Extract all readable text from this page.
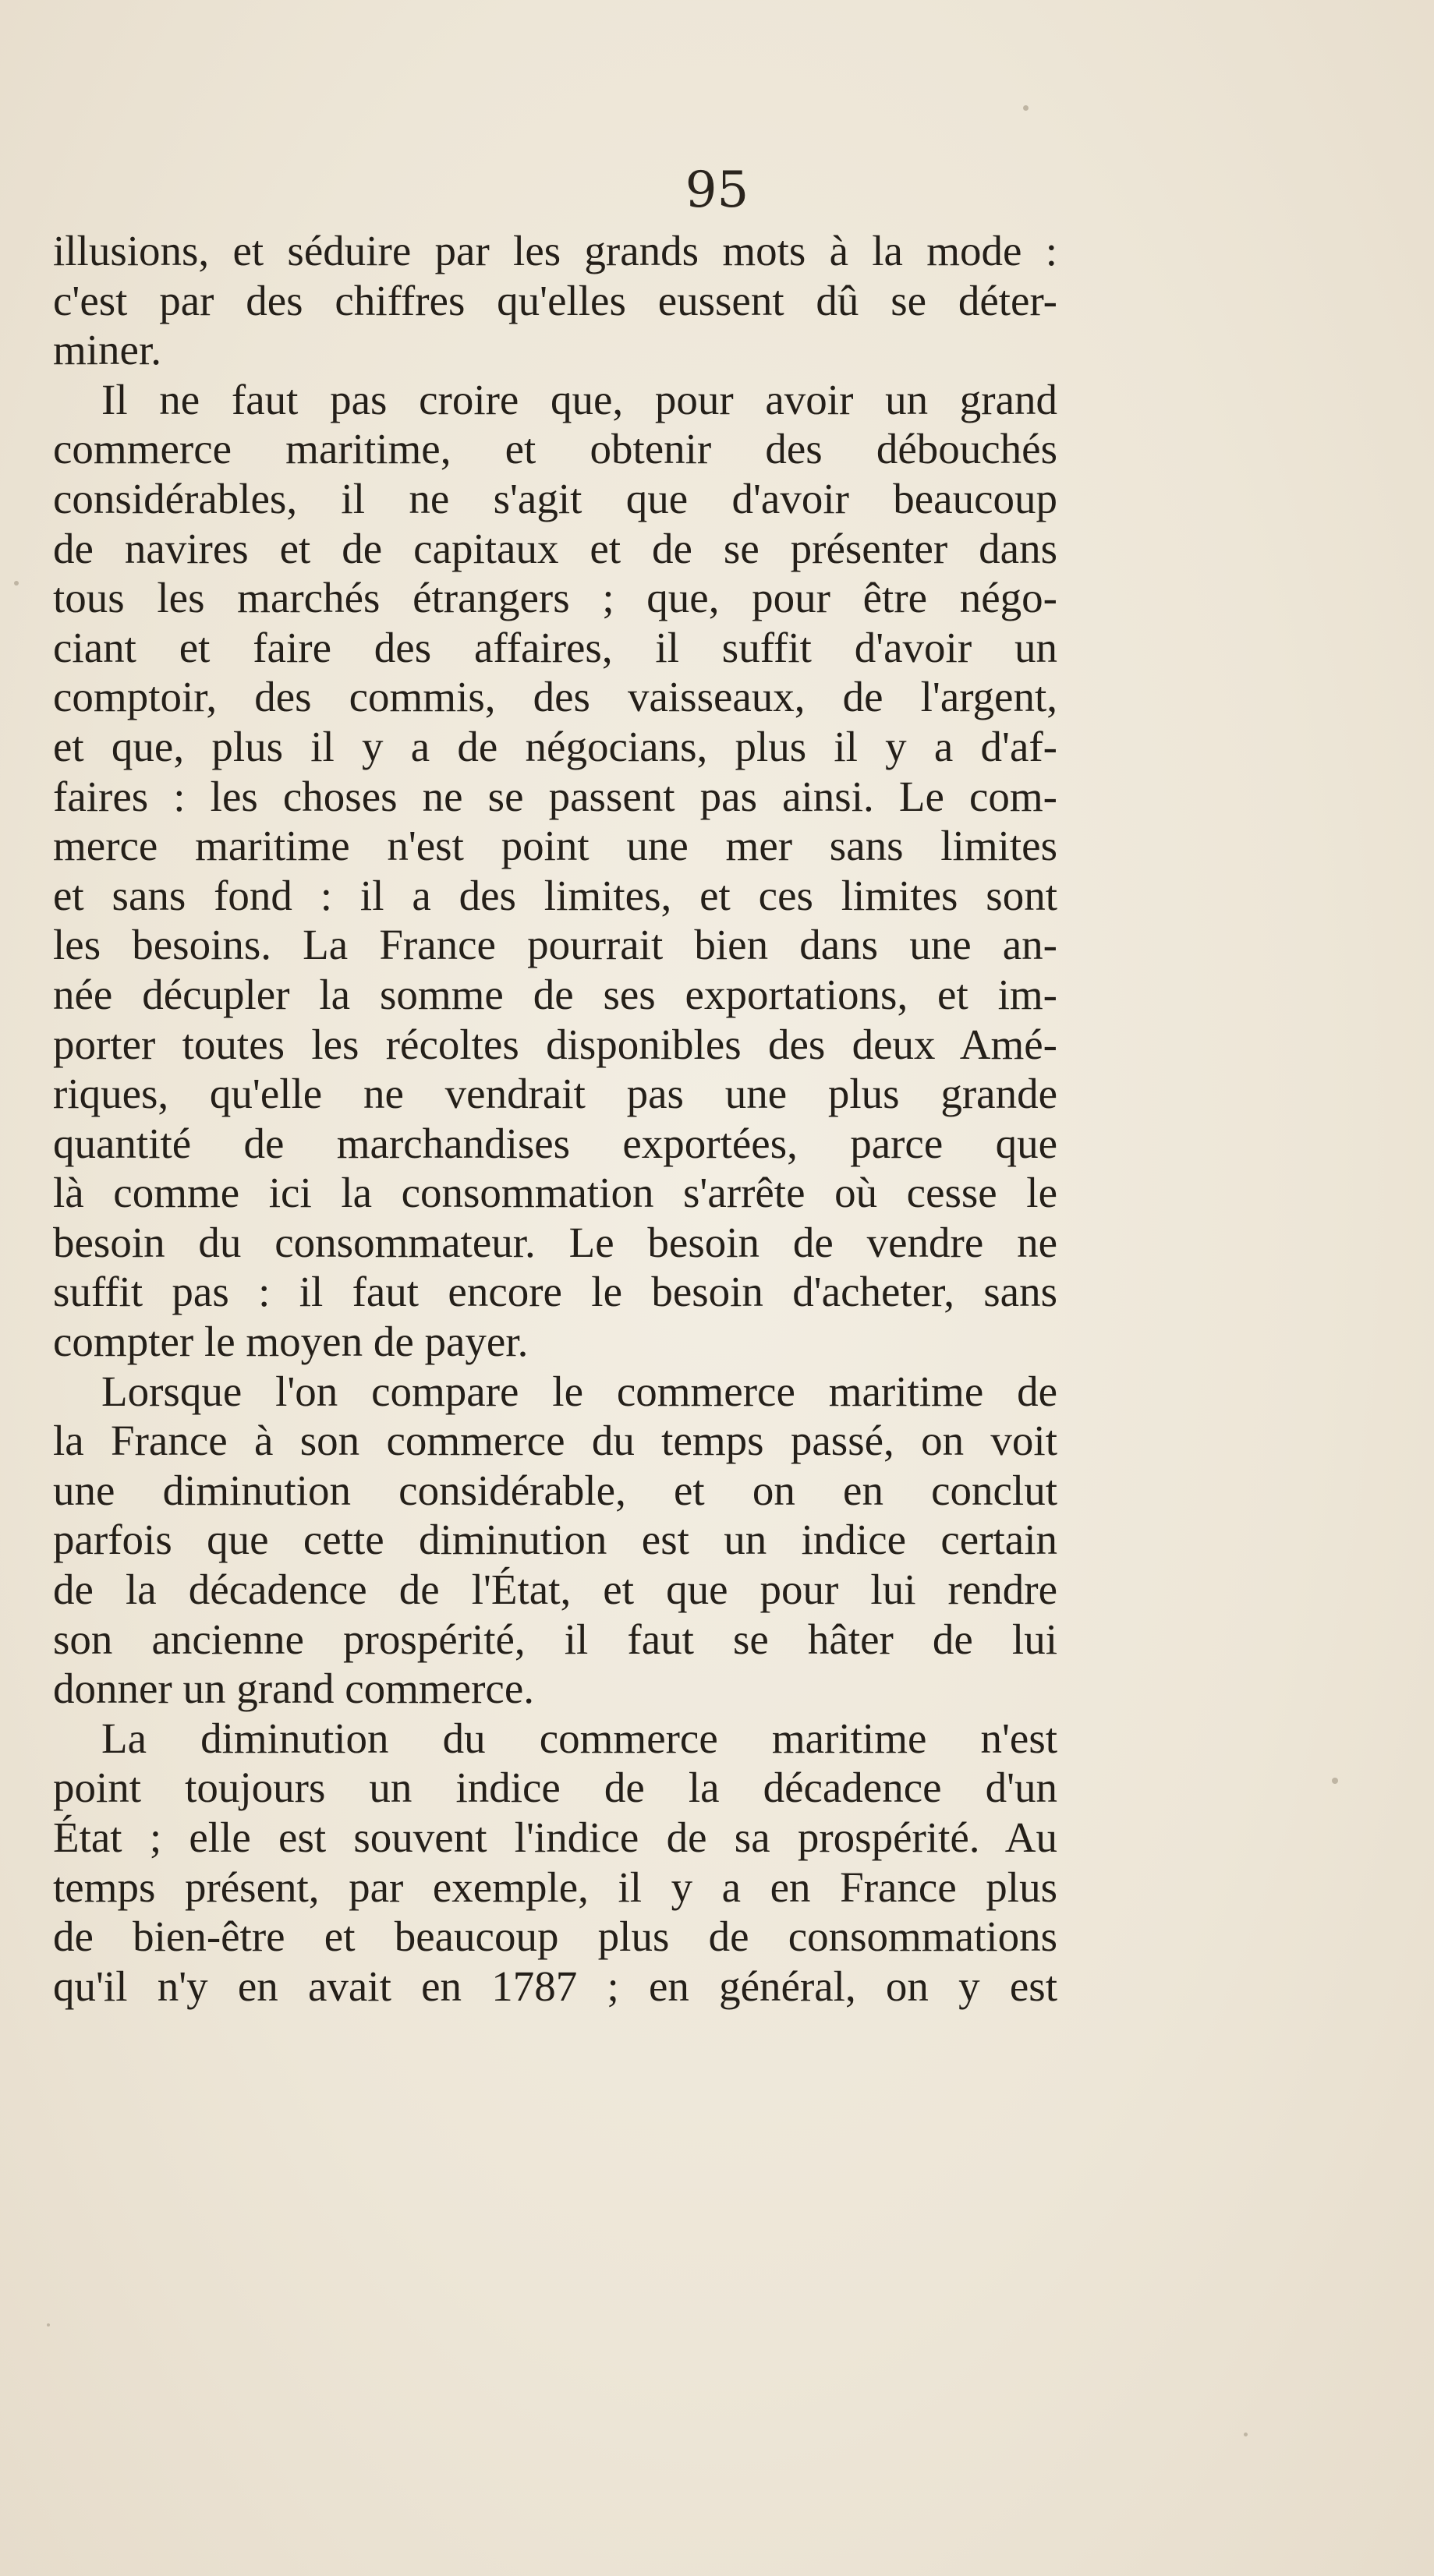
95
illusions, et séduire par les grands mots à la mode :
c'est par des chiffres qu'elles eussent dû se déter-
miner.
Il ne faut pas croire que, pour avoir un grand
commerce maritime, et obtenir des débouchés
considérables, il ne s'agit que d'avoir beaucoup
de navires et de capitaux et de se présenter dans
tous les marchés étrangers ; que, pour être négo-
ciant et faire des affaires, il suffit d'avoir un
comptoir, des commis, des vaisseaux, de l'argent,
et que, plus il y a de négocians, plus il y a d'af-
faires : les choses ne se passent pas ainsi. Le com-
merce maritime n'est point une mer sans limites
et sans fond : il a des limites, et ces limites sont
les besoins. La France pourrait bien dans une an-
née décupler la somme de ses exportations, et im-
porter toutes les récoltes disponibles des deux Amé-
riques, qu'elle ne vendrait pas une plus grande
quantité de marchandises exportées, parce que
là comme ici la consommation s'arrête où cesse le
besoin du consommateur. Le besoin de vendre ne
suffit pas : il faut encore le besoin d'acheter, sans
compter le moyen de payer.
Lorsque l'on compare le commerce maritime de
la France à son commerce du temps passé, on voit
une diminution considérable, et on en conclut
parfois que cette diminution est un indice certain
de la décadence de l'État, et que pour lui rendre
son ancienne prospérité, il faut se hâter de lui
donner un grand commerce.
La diminution du commerce maritime n'est
point toujours un indice de la décadence d'un
État ; elle est souvent l'indice de sa prospérité. Au
temps présent, par exemple, il y a en France plus
de bien-être et beaucoup plus de consommations
qu'il n'y en avait en 1787 ; en général, on y est
